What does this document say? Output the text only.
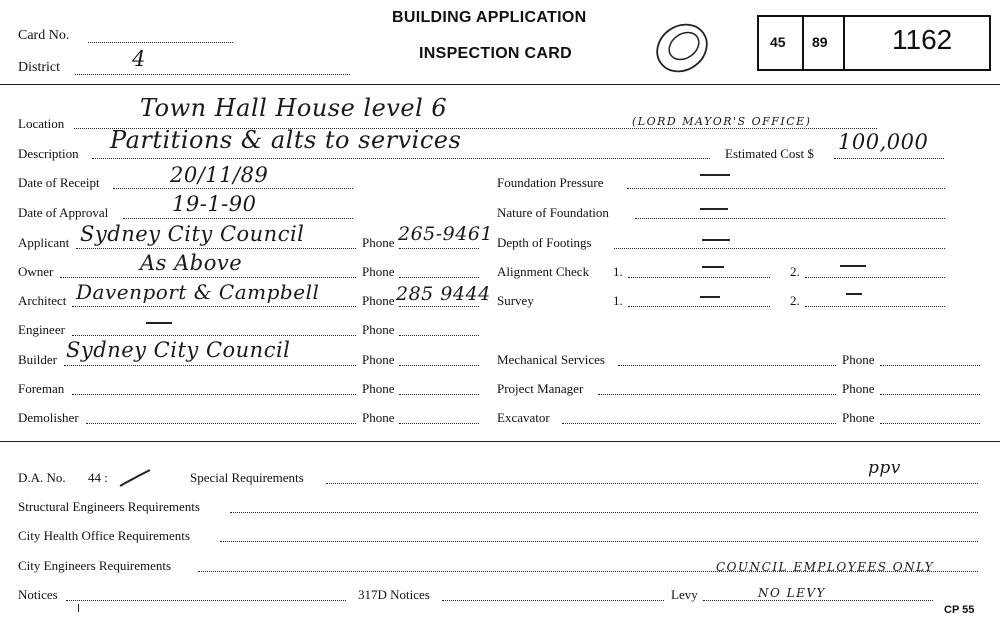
Card No.
District	4
BUILDING APPLICATION
INSPECTION CARD
45 89 1162
Location
Town Hall House level 6	(LORD MAYOR'S OFFICE)
Description Partitions & alts to services	Estimated Cost $ 100,000
Date of Receipt	20/11/89
Date of Approval	19-1-90
Applicant Sydney City Council	Phone 265-9461
Owner	As Above	Phone
Architect Davenport & Campbell	Phone 285 9444
Engineer	Phone
Builder Sydney City Council	Phone
Foreman	Phone
Demolisher	Phone
Foundation Pressure
Nature of Foundation
Depth of Footings
Alignment Check 1.	2.
Survey	1.	2.
Mechanical Services	Phone
Project Manager	Phone
Excavator	Phone
D.A. No. 44 :	Special Requirements	ppv
Structural Engineers Requirements
City Health Office Requirements
City Engineers Requirements	COUNCIL EMPLOYEES ONLY
Notices	317D Notices	Levy	NO LEVY
CP 55
